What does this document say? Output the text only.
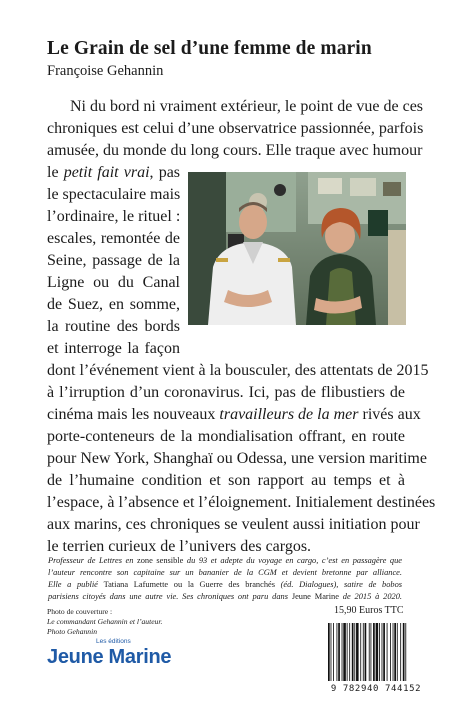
Le Grain de sel d’une femme de marin
Françoise Gehannin
Ni du bord ni vraiment extérieur, le point de vue de ces
chroniques est celui d’une observatrice passionnée, parfois
amusée, du monde du long cours. Elle traque avec humour
le petit fait vrai, pas
le spectaculaire mais
l’ordinaire, le rituel :
escales, remontée de
Seine, passage de la
Ligne ou du Canal
de Suez, en somme,
la routine des bords
et interroge la façon
dont l’événement vient à la bousculer, des attentats de 2015
à l’irruption d’un coronavirus. Ici, pas de flibustiers de
cinéma mais les nouveaux travailleurs de la mer rivés aux
porte-conteneurs de la mondialisation offrant, en route
pour New York, Shanghaï ou Odessa, une version maritime
de l’humaine condition et son rapport au temps et à
l’espace, à l’absence et l’éloignement. Initialement destinées
aux marins, ces chroniques se veulent aussi initiation pour
le terrien curieux de l’univers des cargos.
Professeur de Lettres en zone sensible du 93 et adepte du voyage en cargo, c’est en passagère que
l’auteur rencontre son capitaine sur un bananier de la CGM et devient bretonne par alliance.
Elle a publié Tatiana Lafumette ou la Guerre des branchés (éd. Dialogues), satire de bobos
parisiens citoyés dans une autre vie. Ses chroniques ont paru dans Jeune Marine de 2015 à 2020.
Photo de couverture :
Le commandant Gehannin et l’auteur.
Photo Gehannin
Les éditions
Jeune Marine
15,90 Euros TTC
9 782940 744152
